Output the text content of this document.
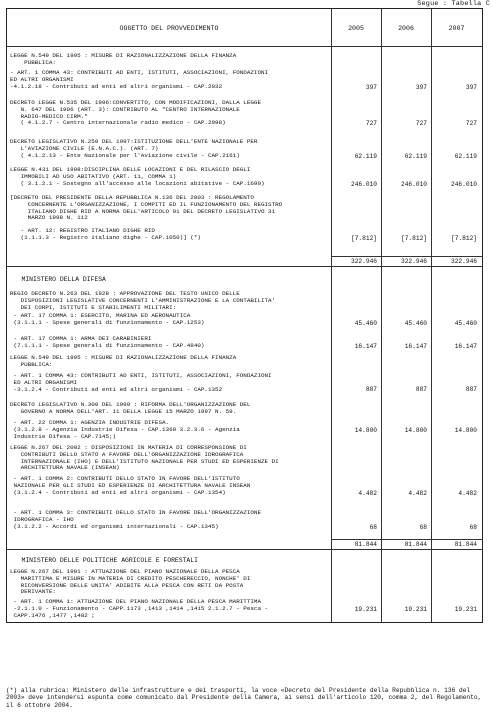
Segue : Tabella C
OGGETTO DEL PROVVEDIMENTO	2005	2006	2007
LEGGE N.549 DEL 1995 : MISURE DI RAZIONALIZZAZIONE DELLA FINANZA
PUBBLICA:
- ART. 1 COMMA 43: CONTRIBUTI AD ENTI, ISTITUTI, ASSOCIAZIONI, FONDAZIONI
ED ALTRI ORGANISMI
-4.1.2.18 - Contributi ad enti ed altri organismi - CAP.2032	397	397	397
DECRETO LEGGE N.535 DEL 1996:CONVERTITO, CON MODIFICAZIONI, DALLA LEGGE
N. 647 DEL 1996 (ART. 3): CONTRIBUTO AL "CENTRO INTERNAZIONALE
RADIO-MEDICO CIRM."
( 4.1.2.7 - Centro internazionale radio medico - CAP.2098)	727	727	727
DECRETO LEGISLATIVO N.250 DEL 1997:ISTITUZIONE DELL'ENTE NAZIONALE PER
L'AVIAZIONE CIVILE (E.N.A.C.). (ART. 7)
( 4.1.2.13 - Ente Nazionale per l'Aviazione civile - CAP.2161)	62.119	62.119	62.119
LEGGE N.431 DEL 1998:DISCIPLINA DELLE LOCAZIONI E DEL RILASCIO DEGLI
IMMOBILI AD USO ABITATIVO (ART. 11, COMMA 1)
( 3.1.2.1 - Sostegno all'accesso alle locazioni abitative - CAP.1690)	246.010	246.010	246.010
[DECRETO DEL PRESIDENTE DELLA REPUBBLICA N.136 DEL 2003 : REGOLAMENTO
CONCERNENTE L'ORGANIZZAZIONE, I COMPITI ED IL FUNZIONAMENTO DEL REGISTRO
ITALIANO DIGHE RID A NORMA DELL'ARTICOLO 91 DEL DECRETO LEGISLATIVO 31
MARZO 1998 N. 112
- ART. 12: REGISTRO ITALIANO DIGHE RID
(1.1.1.3 - Registro italiano dighe - CAP.1050)] (*)	[7.812]	[7.812]	[7.812]
322.946	322.946	322.946
MINISTERO DELLA DIFESA
REGIO DECRETO N.263 DEL 1928 : APPROVAZIONE DEL TESTO UNICO DELLE
DISPOSIZIONI LEGISLATIVE CONCERNENTI L'AMMINISTRAZIONE E LA CONTABILITA'
DEI CORPI, ISTITUTI E STABILIMENTI MILITARI:
- ART. 17 COMMA 1: ESERCITO, MARINA ED AERONAUTICA
(3.1.1.1 - Spese generali di funzionamento - CAP.1253)	45.460	45.460	45.460
- ART. 17 COMMA 1: ARMA DEI CARABINIERI
(7.1.1.1 - Spese generali di funzionamento - CAP.4840)	16.147	16.147	16.147
LEGGE N.549 DEL 1995 : MISURE DI RAZIONALIZZAZIONE DELLA FINANZA
PUBBLICA:
- ART. 1 COMMA 43: CONTRIBUTI AD ENTI, ISTITUTI, ASSOCIAZIONI, FONDAZIONI
ED ALTRI ORGANISMI
-3.1.2.4 - Contributi ad enti ed altri organismi - CAP.1352	887	887	887
DECRETO LEGISLATIVO N.300 DEL 1999 : RIFORMA DELL'ORGANIZZAZIONE DEL
GOVERNO A NORMA DELL'ART. 11 DELLA LEGGE 15 MARZO 1997 N. 59.
- ART. 22 COMMA 1: AGENZIA INDUSTRIE DIFESA.
(3.1.2.8 - Agenzia Industrie Difesa - CAP.1360 3.2.3.6 - Agenzia
Industrie Difesa - CAP.7145;)
14.800	14.800	14.800
LEGGE N.267 DEL 2002 : DISPOSIZIONI IN MATERIA DI CORRESPONSIONE DI
CONTRIBUTI DELLO STATO A FAVORE DELL'ORGANIZZAZIONE IDROGRAFICA
INTERNAZIONALE (IHO) E DELL'ISTITUTO NAZIONALE PER STUDI ED ESPERIENZE DI
ARCHITETTURA NAVALE (INSEAN)
- ART. 1 COMMA 2: CONTRIBUTI DELLO STATO IN FAVORE DELL'ISTITUTO
NAZIONALE PER GLI STUDI ED ESPERIENZE DI ARCHITETTURA NAVALE INSEAN
(3.1.2.4 - Contributi ad enti ed altri organismi - CAP.1354)	4.482	4.482	4.482
- ART. 1 COMMA 3: CONTRIBUTI DELLO STATO IN FAVORE DELL'ORGANIZZAZIONE
IDROGRAFICA - IHO
(3.1.2.2 - Accordi ed organismi internazionali - CAP.1345)	68	68	68
81.844	81.844	81.844
MINISTERO DELLE POLITICHE AGRICOLE E FORESTALI
LEGGE N.267 DEL 1991 : ATTUAZIONE DEL PIANO NAZIONALE DELLA PESCA
MARITTIMA E MISURE IN MATERIA DI CREDITO PESCHERECCIO, NONCHE' DI
RICONVERSIONE DELLE UNITA' ADIBITE ALLA PESCA CON RETI DA POSTA
DERIVANTE:
- ART. 1 COMMA 1: ATTUAZIONE DEL PIANO NAZIONALE DELLA PESCA MARITTIMA
-2.1.1.0 - Funzionamento - CAPP.1173 ,1413 ,1414 ,1415 2.1.2.7 - Pesca -
CAPP.1476 ,1477 ,1482 ;
19.231	19.231	19.231
(*) alla rubrica: Ministero delle infrastrutture e dei trasporti, la voce «Decreto del Presidente della Repubblica n. 136 del 2003» deve intendersi espunta come comunicato dal Presidente della Camera, ai sensi dell'articolo 120, comma 2, del Regolamento, il 6 ottobre 2004.
